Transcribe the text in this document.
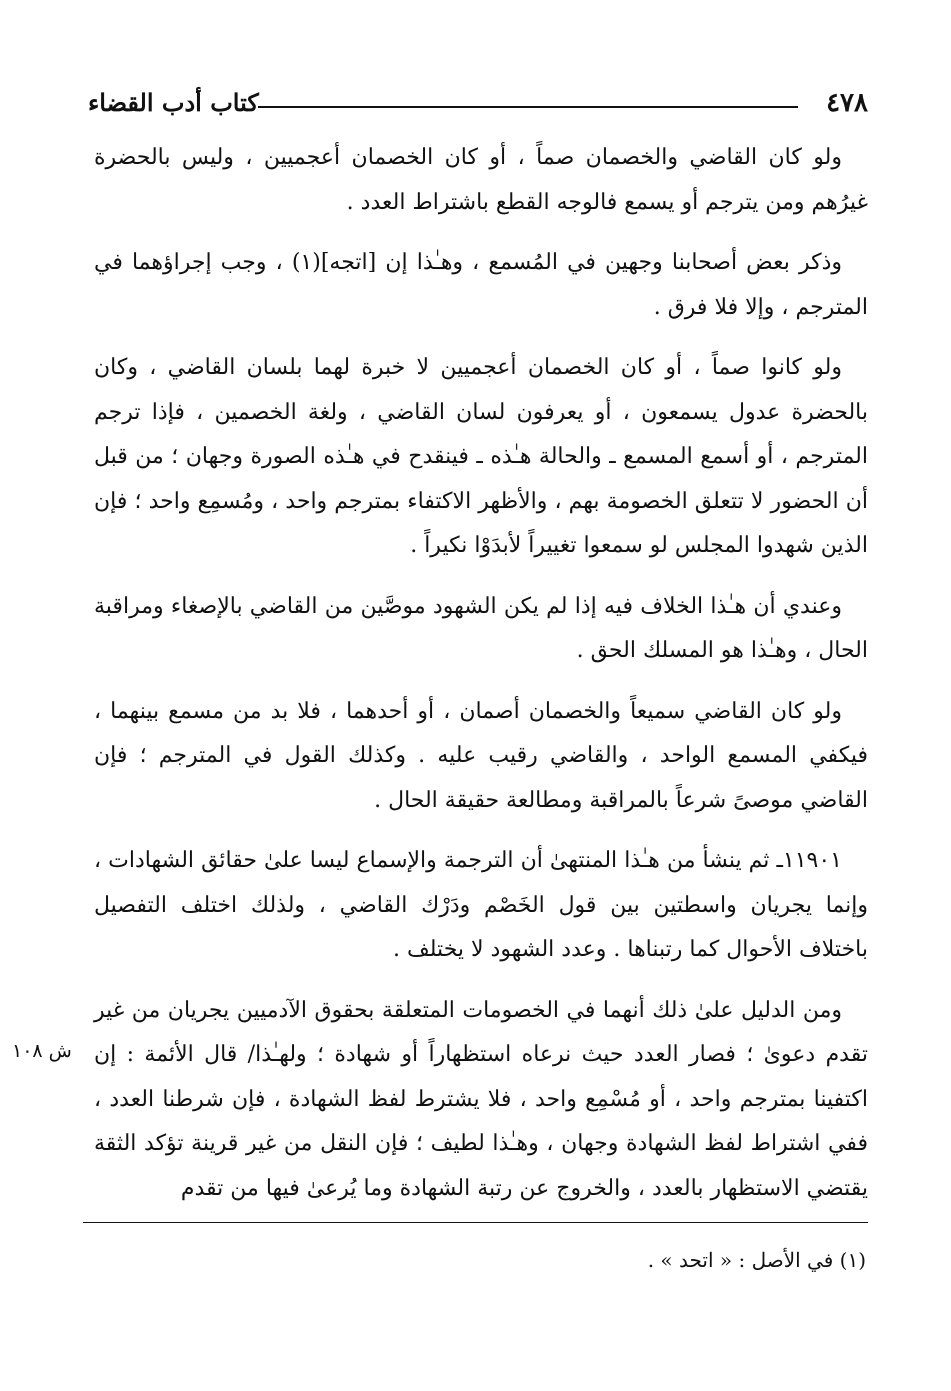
٤٧٨
كتاب أدب القضاء

ولو كان القاضي والخصمان صماً ، أو كان الخصمان أعجميين ، وليس بالحضرة غيرُهم ومن يترجم أو يسمع فالوجه القطع باشتراط العدد .

وذكر بعض أصحابنا وجهين في المُسمع ، وهـٰذا إن [اتجه](١) ، وجب إجراؤهما في المترجم ، وإلا فلا فرق .

ولو كانوا صماً ، أو كان الخصمان أعجميين لا خبرة لهما بلسان القاضي ، وكان بالحضرة عدول يسمعون ، أو يعرفون لسان القاضي ، ولغة الخصمين ، فإذا ترجم المترجم ، أو أسمع المسمع ـ والحالة هـٰذه ـ فينقدح في هـٰذه الصورة وجهان ؛ من قبل أن الحضور لا تتعلق الخصومة بهم ، والأظهر الاكتفاء بمترجم واحد ، ومُسمِع واحد ؛ فإن الذين شهدوا المجلس لو سمعوا تغييراً لأبدَوْا نكيراً .

وعندي أن هـٰذا الخلاف فيه إذا لم يكن الشهود موصَّين من القاضي بالإصغاء ومراقبة الحال ، وهـٰذا هو المسلك الحق .

ولو كان القاضي سميعاً والخصمان أصمان ، أو أحدهما ، فلا بد من مسمع بينهما ، فيكفي المسمع الواحد ، والقاضي رقيب عليه . وكذلك القول في المترجم ؛ فإن القاضي موصىً شرعاً بالمراقبة ومطالعة حقيقة الحال .

١١٩٠١ـ ثم ينشأ من هـٰذا المنتهىٰ أن الترجمة والإسماع ليسا علىٰ حقائق الشهادات ، وإنما يجريان واسطتين بين قول الخَصْم ودَرْك القاضي ، ولذلك اختلف التفصيل باختلاف الأحوال كما رتبناها . وعدد الشهود لا يختلف .

ومن الدليل علىٰ ذلك أنهما في الخصومات المتعلقة بحقوق الآدميين يجريان من غير تقدم دعوىٰ ؛ فصار العدد حيث نرعاه استظهاراً أو شهادة ؛ ولهـٰذا/ قال الأئمة : إن اكتفينا بمترجم واحد ، أو مُسْمِع واحد ، فلا يشترط لفظ الشهادة ، فإن شرطنا العدد ، ففي اشتراط لفظ الشهادة وجهان ، وهـٰذا لطيف ؛ فإن النقل من غير قرينة تؤكد الثقة يقتضي الاستظهار بالعدد ، والخروج عن رتبة الشهادة وما يُرعىٰ فيها من تقدم

ش ١٠٨
(١) في الأصل : « اتحد » .
